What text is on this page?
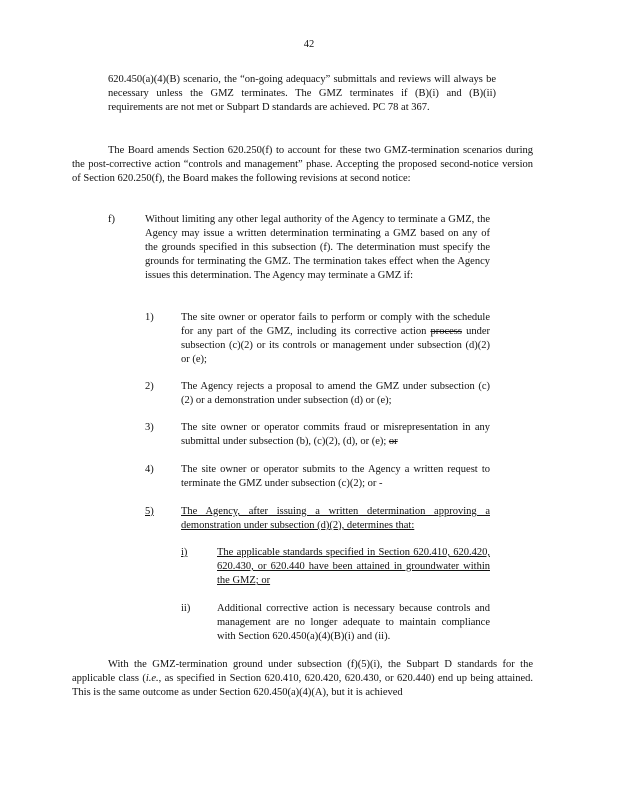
42
620.450(a)(4)(B) scenario, the “on-going adequacy” submittals and reviews will always be necessary unless the GMZ terminates. The GMZ terminates if (B)(i) and (B)(ii) requirements are not met or Subpart D standards are achieved. PC 78 at 367.
The Board amends Section 620.250(f) to account for these two GMZ-termination scenarios during the post-corrective action “controls and management” phase. Accepting the proposed second-notice version of Section 620.250(f), the Board makes the following revisions at second notice:
f)	Without limiting any other legal authority of the Agency to terminate a GMZ, the Agency may issue a written determination terminating a GMZ based on any of the grounds specified in this subsection (f). The determination must specify the grounds for terminating the GMZ. The termination takes effect when the Agency issues this determination. The Agency may terminate a GMZ if:
1)	The site owner or operator fails to perform or comply with the schedule for any part of the GMZ, including its corrective action process under subsection (c)(2) or its controls or management under subsection (d)(2) or (e);
2)	The Agency rejects a proposal to amend the GMZ under subsection (c)(2) or a demonstration under subsection (d) or (e);
3)	The site owner or operator commits fraud or misrepresentation in any submittal under subsection (b), (c)(2), (d), or (e); or
4)	The site owner or operator submits to the Agency a written request to terminate the GMZ under subsection (c)(2); or -
5)	The Agency, after issuing a written determination approving a demonstration under subsection (d)(2), determines that:
i)	The applicable standards specified in Section 620.410, 620.420, 620.430, or 620.440 have been attained in groundwater within the GMZ; or
ii)	Additional corrective action is necessary because controls and management are no longer adequate to maintain compliance with Section 620.450(a)(4)(B)(i) and (ii).
With the GMZ-termination ground under subsection (f)(5)(i), the Subpart D standards for the applicable class (i.e., as specified in Section 620.410, 620.420, 620.430, or 620.440) end up being attained. This is the same outcome as under Section 620.450(a)(4)(A), but it is achieved
